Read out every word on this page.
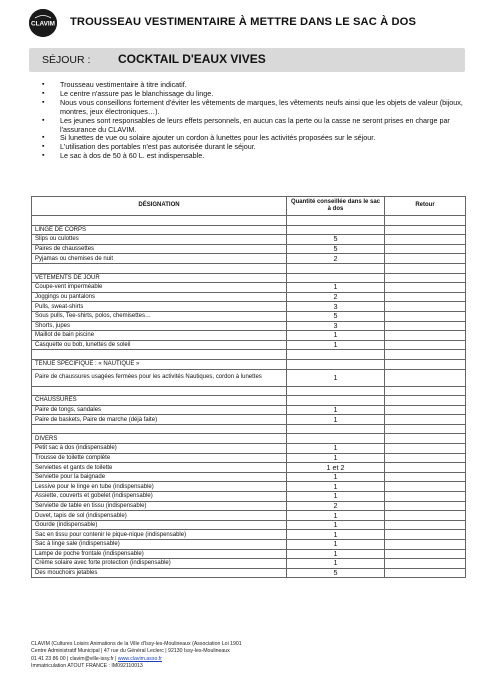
CLAVIM TROUSSEAU VESTIMENTAIRE À METTRE DANS LE SAC À DOS
SÉJOUR : COCKTAIL D'EAUX VIVES
▪ Trousseau vestimentaire à titre indicatif.
▪ Le centre n'assure pas le blanchissage du linge.
▪ Nous vous conseillons fortement d'éviter les vêtements de marques, les vêtements neufs ainsi que les objets de valeur (bijoux, montres, jeux électroniques…).
▪ Les jeunes sont responsables de leurs effets personnels, en aucun cas la perte ou la casse ne seront prises en charge par l'assurance du CLAVIM.
▪ Si lunettes de vue ou solaire ajouter un cordon à lunettes pour les activités proposées sur le séjour.
▪ L'utilisation des portables n'est pas autorisée durant le séjour.
▪ Le sac à dos de 50 à 60 L. est indispensable.
DÉSIGNATION	Quantité conseillée dans le sac à dos	Retour

LINGE DE CORPS		
Slips ou culottes	5	
Paires de chaussettes	5	
Pyjamas ou chemises de nuit	2	

VÊTEMENTS DE JOUR		
Coupe-vent imperméable	1	
Joggings ou pantalons	2	
Pulls, sweat-shirts	3	
Sous pulls, Tee-shirts, polos, chemisettes…	5	
Shorts, jupes	3	
Maillot de bain piscine	1	
Casquette ou bob, lunettes de soleil	1	

TENUE SPÉCIFIQUE : « NAUTIQUE »		
Paire de chaussures usagées fermées pour les activités Nautiques, cordon à lunettes	1	

CHAUSSURES		
Paire de tongs, sandales	1	
Paire de baskets, Paire de marche (déjà faite)	1	

DIVERS		
Petit sac à dos (indispensable)	1	
Trousse de toilette complète	1	
Serviettes et gants de toilette	1 et 2	
Serviette pour la baignade	1	
Lessive pour le linge en tube (indispensable)	1	
Assiette, couverts et gobelet (indispensable)	1	
Serviette de table en tissu (indispensable)	2	
Duvet, tapis de sol (indispensable)	1	
Gourde (indispensable)	1	
Sac en tissu pour contenir le pique-nique (indispensable)	1	
Sac à linge sale (indispensable)	1	
Lampe de poche frontale (indispensable)	1	
Crème solaire avec forte protection (indispensable)	1	
Des mouchoirs jetables	5	
CLAVIM (Cultures Loisirs Animations de la Ville d'Issy-les-Moulineaux (Association Loi 1901
Centre Administratif Municipal | 47 rue du Général Leclerc | 92130 Issy-les-Moulineaux
01 41 23 86 00 | clavim@ville-issy.fr | www.clavim.asso.fr
Immatriculation ATOUT FRANCE : IM092110013
